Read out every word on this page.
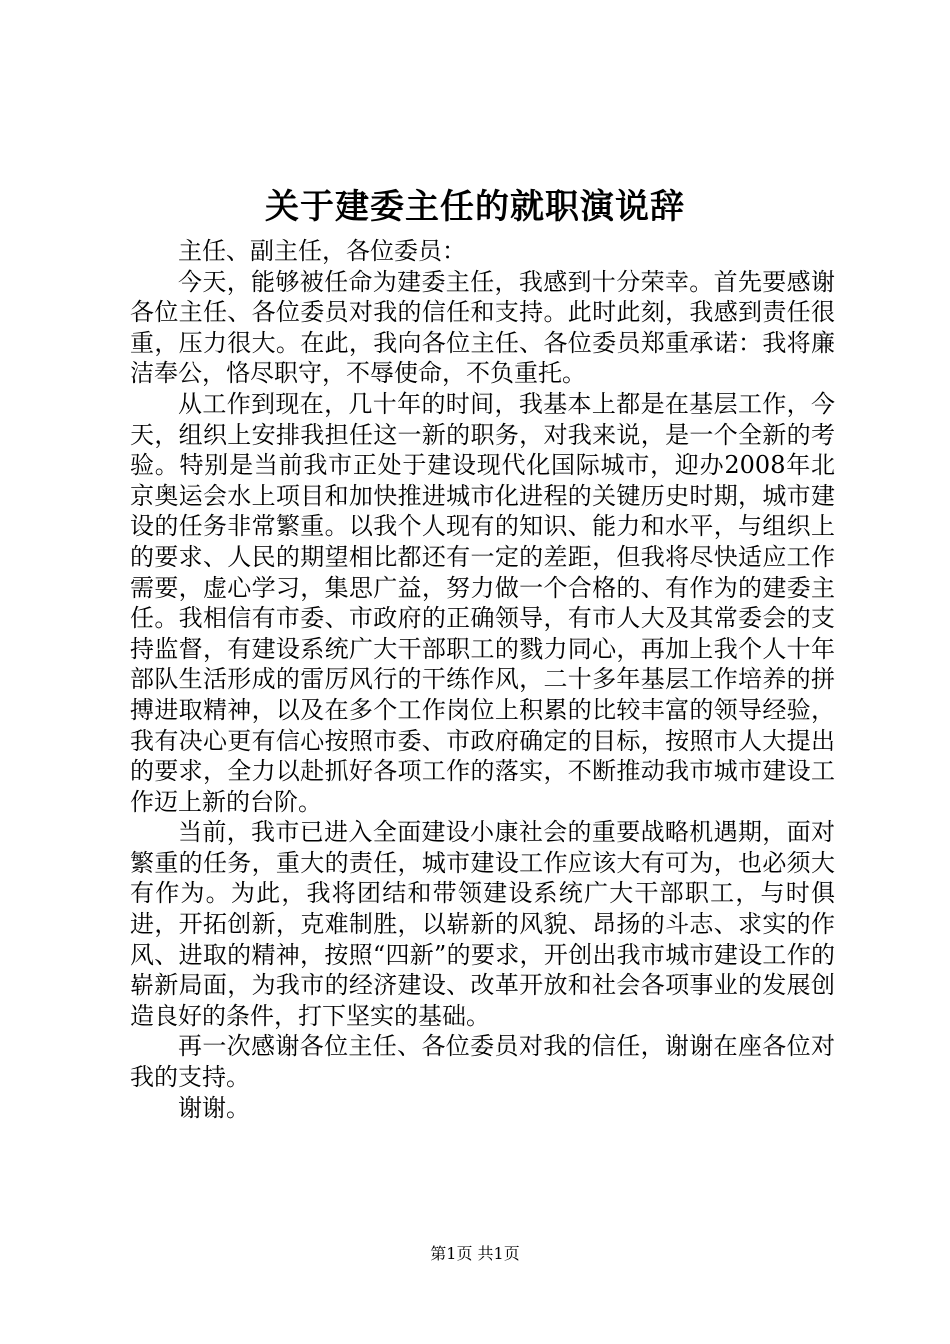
关于建委主任的就职演说辞

主任、副主任，各位委员：

今天，能够被任命为建委主任，我感到十分荣幸。首先要感谢各位主任、各位委员对我的信任和支持。此时此刻，我感到责任很重，压力很大。在此，我向各位主任、各位委员郑重承诺：我将廉洁奉公，恪尽职守，不辱使命，不负重托。

从工作到现在，几十年的时间，我基本上都是在基层工作，今天，组织上安排我担任这一新的职务，对我来说，是一个全新的考验。特别是当前我市正处于建设现代化国际城市，迎办2008年北京奥运会水上项目和加快推进城市化进程的关键历史时期，城市建设的任务非常繁重。以我个人现有的知识、能力和水平，与组织上的要求、人民的期望相比都还有一定的差距，但我将尽快适应工作需要，虚心学习，集思广益，努力做一个合格的、有作为的建委主任。我相信有市委、市政府的正确领导，有市人大及其常委会的支持监督，有建设系统广大干部职工的戮力同心，再加上我个人十年部队生活形成的雷厉风行的干练作风，二十多年基层工作培养的拼搏进取精神，以及在多个工作岗位上积累的比较丰富的领导经验，我有决心更有信心按照市委、市政府确定的目标，按照市人大提出的要求，全力以赴抓好各项工作的落实，不断推动我市城市建设工作迈上新的台阶。

当前，我市已进入全面建设小康社会的重要战略机遇期，面对繁重的任务，重大的责任，城市建设工作应该大有可为，也必须大有作为。为此，我将团结和带领建设系统广大干部职工，与时俱进，开拓创新，克难制胜，以崭新的风貌、昂扬的斗志、求实的作风、进取的精神，按照“四新”的要求，开创出我市城市建设工作的崭新局面，为我市的经济建设、改革开放和社会各项事业的发展创造良好的条件，打下坚实的基础。

再一次感谢各位主任、各位委员对我的信任，谢谢在座各位对我的支持。

谢谢。

第1页 共1页
